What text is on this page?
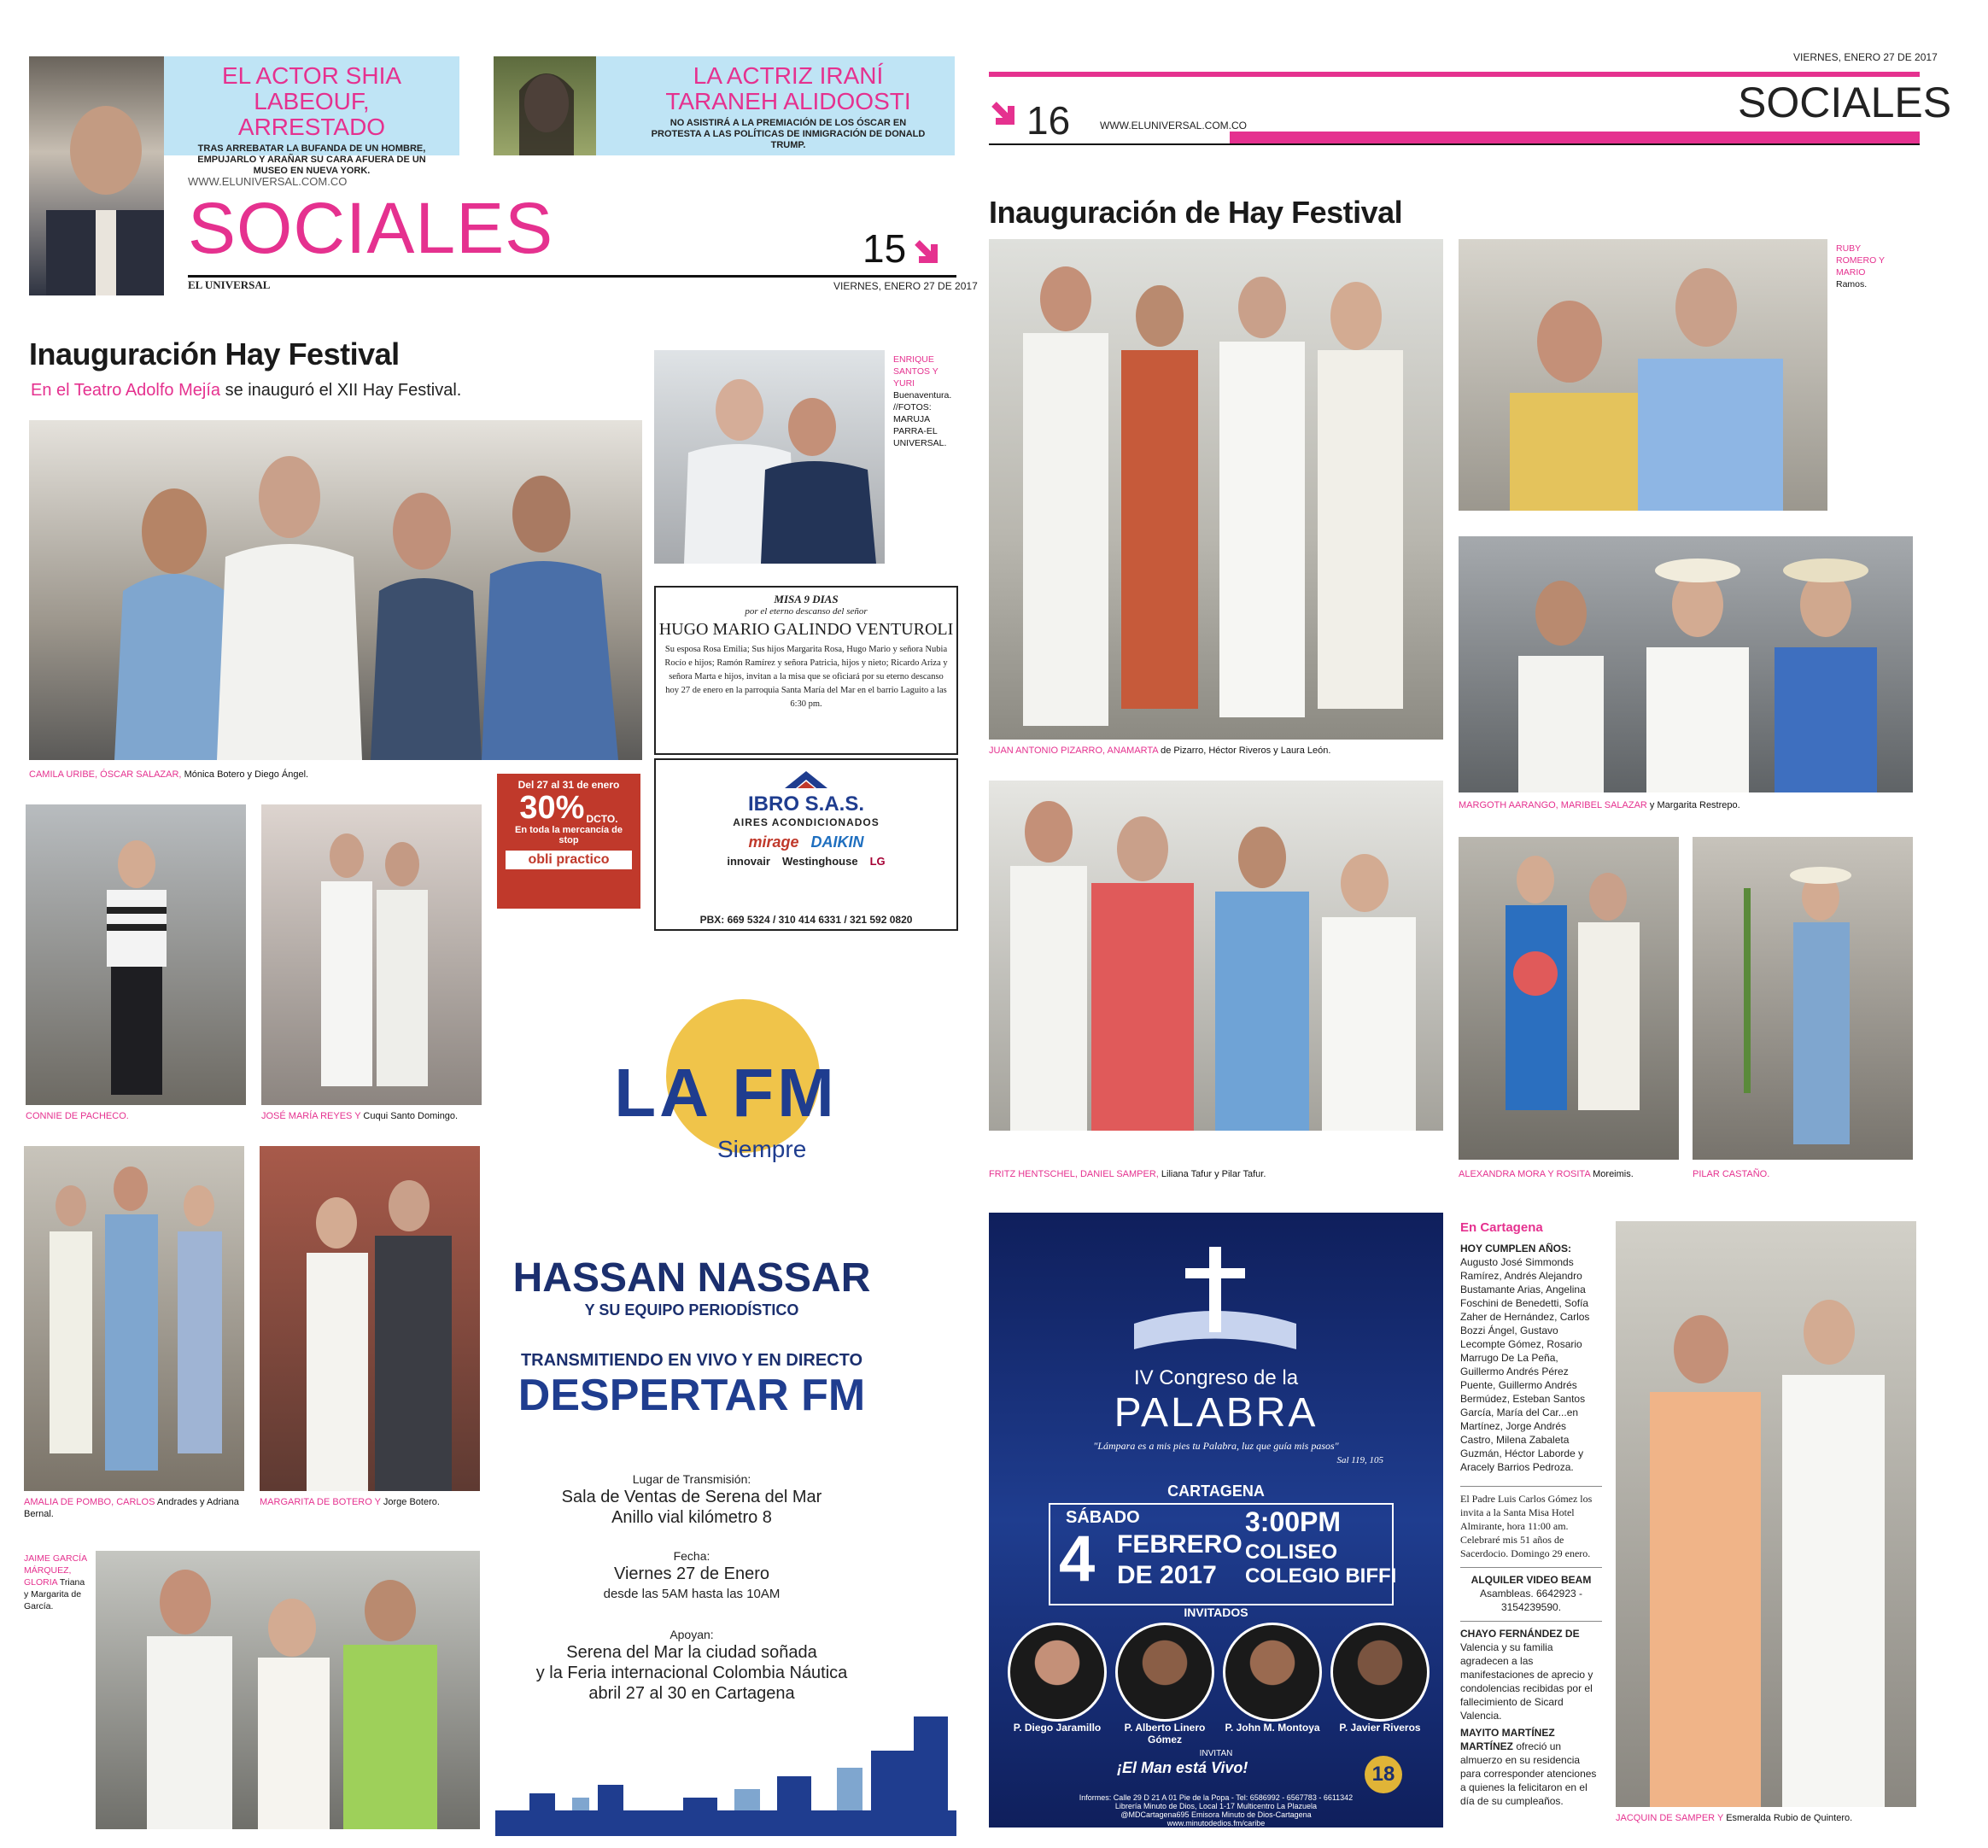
EL ACTOR SHIA LABEOUF, ARRESTADO
TRAS ARREBATAR LA BUFANDA DE UN HOMBRE, EMPUJARLO Y ARAÑAR SU CARA AFUERA DE UN MUSEO EN NUEVA YORK.
LA ACTRIZ IRANÍ TARANEH ALIDOOSTI
NO ASISTIRÁ A LA PREMIACIÓN DE LOS ÓSCAR EN PROTESTA A LAS POLÍTICAS DE INMIGRACIÓN DE DONALD TRUMP.
WWW.ELUNIVERSAL.COM.CO
SOCIALES	15
EL UNIVERSAL	VIERNES, ENERO 27 DE 2017
Inauguración Hay Festival
En el Teatro Adolfo Mejía se inauguró el XII Hay Festival.
CAMILA URIBE, ÓSCAR SALAZAR, Mónica Botero y Diego Ángel.
ENRIQUE SANTOS Y YURI Buenaventura. //FOTOS: MARUJA PARRA-EL UNIVERSAL.
MISA 9 DIAS
por el eterno descanso del señor
HUGO MARIO GALINDO VENTUROLI
Su esposa Rosa Emilia; Sus hijos Margarita Rosa, Hugo Mario y señora Nubia Rocío e hijos; Ramón Ramírez y señora Patricia, hijos y nieto; Ricardo Ariza y señora Marta e hijos, invitan a la misa que se oficiará por su eterno descanso hoy 27 de enero en la parroquia Santa María del Mar en el barrio Laguito a las 6:30 pm.
CONNIE DE PACHECO.	JOSÉ MARÍA REYES Y Cuqui Santo Domingo.
Del 27 al 31 de enero
30% DCTO.
En toda la mercancía de stop
obli practico
IBRO S.A.S.
AIRES ACONDICIONADOS
mirage DAIKIN
innovair Westinghouse LG
PBX: 669 5324 / 310 414 6331 / 321 592 0820
AMALIA DE POMBO, CARLOS Andrades y Adriana Bernal.
MARGARITA DE BOTERO Y Jorge Botero.
JAIME GARCÍA MÁRQUEZ, GLORIA Triana y Margarita de García.
LA FM
Siempre
HASSAN NASSAR
Y SU EQUIPO PERIODÍSTICO
TRANSMITIENDO EN VIVO Y EN DIRECTO
DESPERTAR FM
Lugar de Transmisión:
Sala de Ventas de Serena del Mar
Anillo vial kilómetro 8
Fecha:
Viernes 27 de Enero
desde las 5AM hasta las 10AM
Apoyan:
Serena del Mar la ciudad soñada
y la Feria internacional Colombia Náutica
abril 27 al 30 en Cartagena
VIERNES, ENERO 27 DE 2017
SOCIALES
16	WWW.ELUNIVERSAL.COM.CO
Inauguración de Hay Festival
JUAN ANTONIO PIZARRO, ANAMARTA de Pizarro, Héctor Riveros y Laura León.
RUBY ROMERO Y MARIO Ramos.
MARGOTH AARANGO, MARIBEL SALAZAR y Margarita Restrepo.
FRITZ HENTSCHEL, DANIEL SAMPER, Liliana Tafur y Pilar Tafur.	ALEXANDRA MORA Y ROSITA Moreimis.	PILAR CASTAÑO.
IV Congreso de la
PALABRA
"Lámpara es a mis pies tu Palabra, luz que guía mis pasos"
Sal 119, 105
CARTAGENA
SÁBADO
4 FEBRERO
DE 2017
3:00PM
COLISEO
COLEGIO BIFFI
INVITADOS
P. Diego Jaramillo	P. Alberto Linero Gómez
P. John M. Montoya	P. Javier Riveros
INVITAN
¡El Man está Vivo!	18
Informes: Calle 29 D 21 A 01 Pie de la Popa - Tel: 6586992 - 6567783 - 6611342
Librería Minuto de Dios, Local 1-17 Multicentro La Plazuela
@MDCartagena695 Emisora Minuto de Dios-Cartagena
www.minutodedios.fm/caribe
En Cartagena
HOY CUMPLEN AÑOS: Augusto José Simmonds Ramírez, Andrés Alejandro Bustamante Arias, Angelina Foschini de Benedetti, Sofía Zaher de Hernández, Carlos Bozzi Ángel, Gustavo Lecompte Gómez, Rosario Marrugo De La Peña, Guillermo Andrés Pérez Puente, Guillermo Andrés Bermúdez, Esteban Santos García, María del Car...en Martínez, Jorge Andrés Castro, Milena Zabaleta Guzmán, Héctor Laborde y Aracely Barrios Pedroza.
El Padre Luis Carlos Gómez los invita a la Santa Misa Hotel Almirante, hora 11:00 am. Celebraré mis 51 años de Sacerdocio. Domingo 29 enero.
ALQUILER VIDEO BEAM
Asambleas. 6642923 - 3154239590.
CHAYO FERNÁNDEZ DE Valencia y su familia agradecen a las manifestaciones de aprecio y condolencias recibidas por el fallecimiento de Sicard Valencia.
MAYITO MARTÍNEZ MARTÍNEZ ofreció un almuerzo en su residencia para corresponder atenciones a quienes la felicitaron en el día de su cumpleaños.
JACQUIN DE SAMPER Y Esmeralda Rubio de Quintero.
